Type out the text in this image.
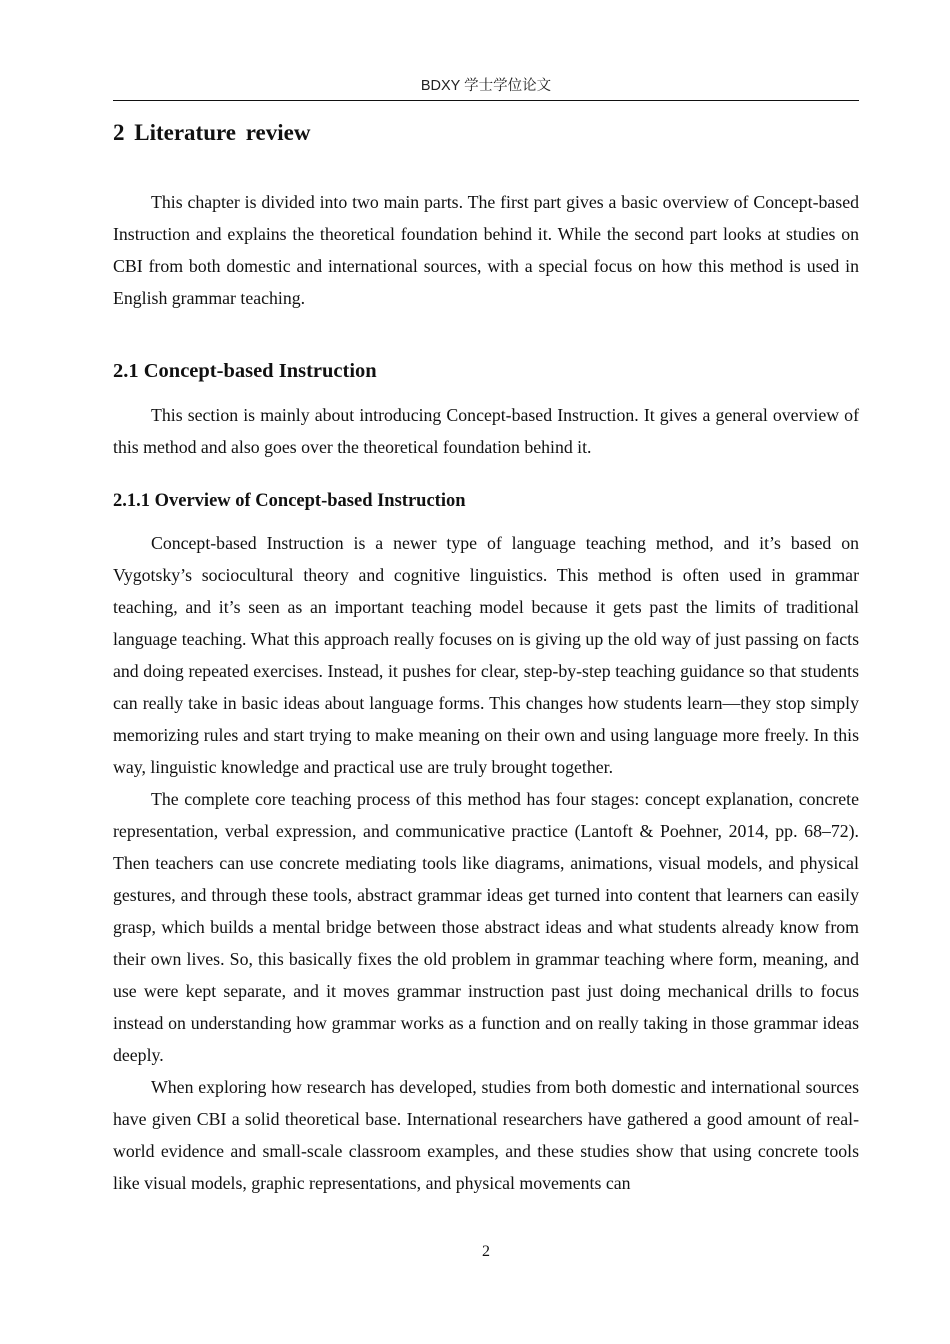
BDXY 学士学位论文
2 Literature review

This chapter is divided into two main parts. The first part gives a basic overview of Concept-based Instruction and explains the theoretical foundation behind it. While the second part looks at studies on CBI from both domestic and international sources, with a special focus on how this method is used in English grammar teaching.

2.1 Concept-based Instruction

This section is mainly about introducing Concept-based Instruction. It gives a general overview of this method and also goes over the theoretical foundation behind it.

2.1.1 Overview of Concept-based Instruction

Concept-based Instruction is a newer type of language teaching method, and it’s based on Vygotsky’s sociocultural theory and cognitive linguistics. This method is often used in grammar teaching, and it’s seen as an important teaching model because it gets past the limits of traditional language teaching. What this approach really focuses on is giving up the old way of just passing on facts and doing repeated exercises. Instead, it pushes for clear, step-by-step teaching guidance so that students can really take in basic ideas about language forms. This changes how students learn—they stop simply memorizing rules and start trying to make meaning on their own and using language more freely. In this way, linguistic knowledge and practical use are truly brought together.

The complete core teaching process of this method has four stages: concept explanation, concrete representation, verbal expression, and communicative practice (Lantoft & Poehner, 2014, pp. 68–72). Then teachers can use concrete mediating tools like diagrams, animations, visual models, and physical gestures, and through these tools, abstract grammar ideas get turned into content that learners can easily grasp, which builds a mental bridge between those abstract ideas and what students already know from their own lives. So, this basically fixes the old problem in grammar teaching where form, meaning, and use were kept separate, and it moves grammar instruction past just doing mechanical drills to focus instead on understanding how grammar works as a function and on really taking in those grammar ideas deeply.

When exploring how research has developed, studies from both domestic and international sources have given CBI a solid theoretical base. International researchers have gathered a good amount of real-world evidence and small-scale classroom examples, and these studies show that using concrete tools like visual models, graphic representations, and physical movements can

2
